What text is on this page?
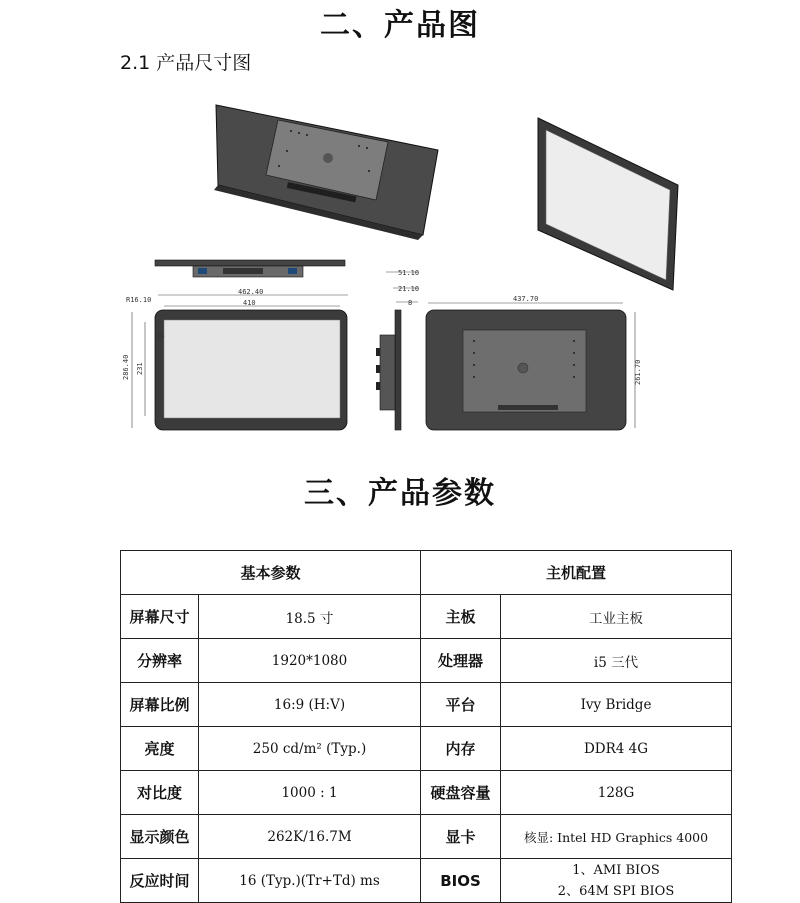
二、产品图
2.1 产品尺寸图
462.40
410
R16.10
286.40 231
24
51.10
21.10
8	437.70
261.70
三、产品参数
基本参数		主机配置	
屏幕尺寸	18.5 寸	主板	工业主板
分辨率	1920*1080	处理器	i5 三代
屏幕比例	16:9 (H:V)	平台	Ivy Bridge
亮度	250 cd/m² (Typ.)	内存	DDR4 4G
对比度	1000 : 1	硬盘容量	128G
显示颜色	262K/16.7M	显卡	核显: Intel HD Graphics 4000
反应时间	16 (Typ.)(Tr+Td) ms	BIOS	1、AMI BIOS
2、64M SPI BIOS
